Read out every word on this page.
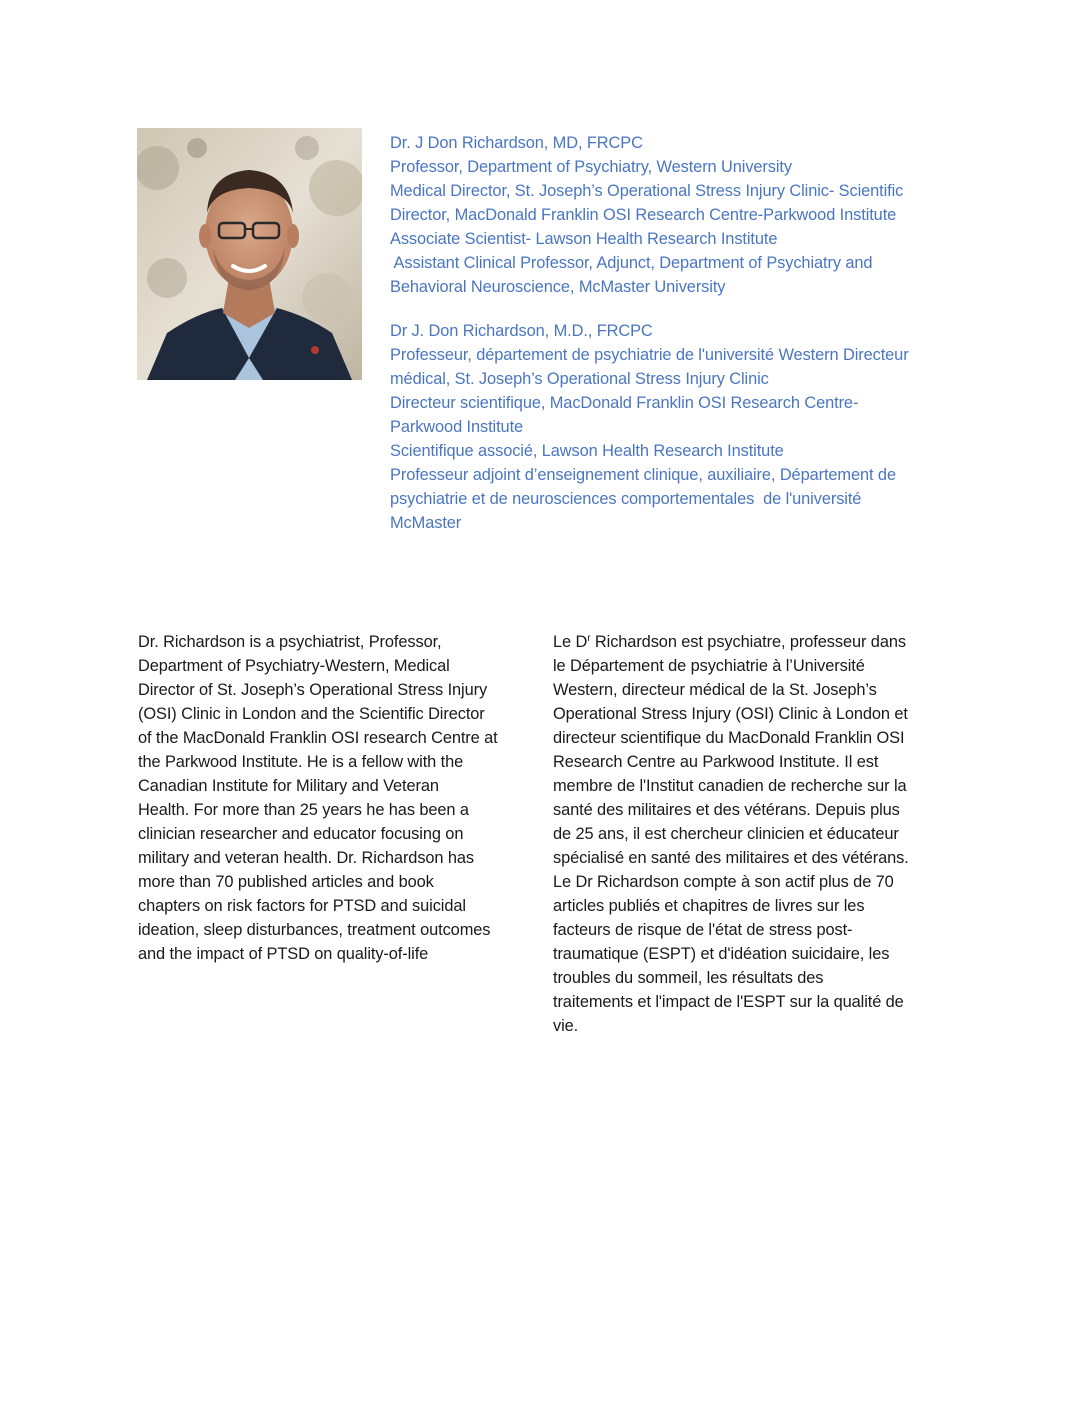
Dr. J Don Richardson, MD, FRCPC
Professor, Department of Psychiatry, Western University
Medical Director, St. Joseph’s Operational Stress Injury Clinic- Scientific
Director, MacDonald Franklin OSI Research Centre-Parkwood Institute
Associate Scientist- Lawson Health Research Institute
Assistant Clinical Professor, Adjunct, Department of Psychiatry and
Behavioral Neuroscience, McMaster University
Dr J. Don Richardson, M.D., FRCPC
Professeur, département de psychiatrie de l'université Western Directeur
médical, St. Joseph’s Operational Stress Injury Clinic
Directeur scientifique, MacDonald Franklin OSI Research Centre-
Parkwood Institute
Scientifique associé, Lawson Health Research Institute
Professeur adjoint d’enseignement clinique, auxiliaire, Département de
psychiatrie et de neurosciences comportementales  de l'université
McMaster
Dr. Richardson is a psychiatrist, Professor,
Department of Psychiatry-Western, Medical
Director of St. Joseph’s Operational Stress Injury
(OSI) Clinic in London and the Scientific Director
of the MacDonald Franklin OSI research Centre at
the Parkwood Institute. He is a fellow with the
Canadian Institute for Military and Veteran
Health. For more than 25 years he has been a
clinician researcher and educator focusing on
military and veteran health. Dr. Richardson has
more than 70 published articles and book
chapters on risk factors for PTSD and suicidal
ideation, sleep disturbances, treatment outcomes
and the impact of PTSD on quality-of-life
Le $D^r$ Richardson est psychiatre, professeur dans
le Département de psychiatrie à l’Université
Western, directeur médical de la St. Joseph’s
Operational Stress Injury (OSI) Clinic à London et
directeur scientifique du MacDonald Franklin OSI
Research Centre au Parkwood Institute. Il est
membre de l'Institut canadien de recherche sur la
santé des militaires et des vétérans. Depuis plus
de 25 ans, il est chercheur clinicien et éducateur
spécialisé en santé des militaires et des vétérans.
Le Dr Richardson compte à son actif plus de 70
articles publiés et chapitres de livres sur les
facteurs de risque de l'état de stress post-
traumatique (ESPT) et d'idéation suicidaire, les
troubles du sommeil, les résultats des
traitements et l'impact de l'ESPT sur la qualité de
vie.
